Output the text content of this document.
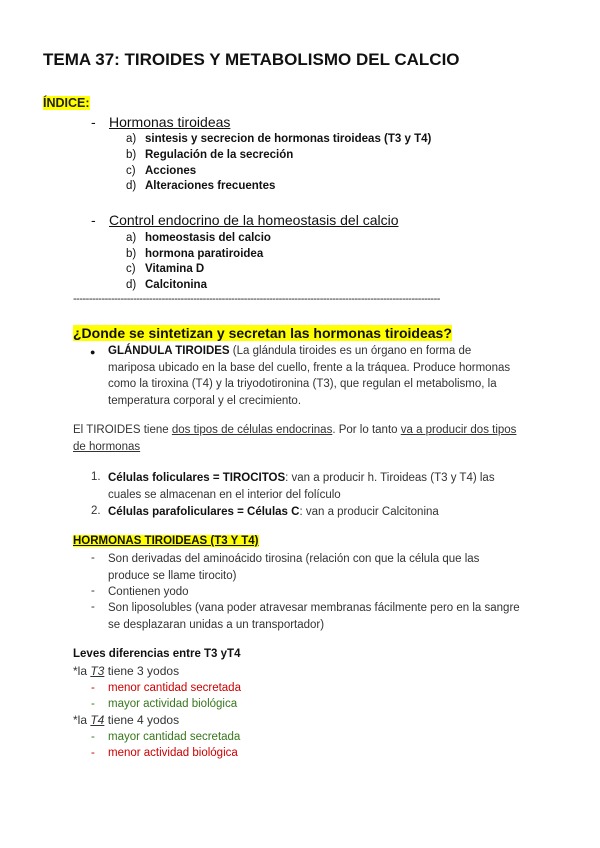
TEMA 37: TIROIDES Y METABOLISMO DEL CALCIO
ÍNDICE:
- Hormonas tiroideas
a) sintesis y secrecion de hormonas tiroideas (T3 y T4)
b) Regulación de la secreción
c) Acciones
d) Alteraciones frecuentes
- Control endocrino de la homeostasis del calcio
a) homeostasis del calcio
b) hormona paratiroidea
c) Vitamina D
d) Calcitonina
--------------------------------------------------------------------------------------------------------------------
¿Donde se sintetizan y secretan las hormonas tiroideas?
● GLÁNDULA TIROIDES (La glándula tiroides es un órgano en forma de mariposa ubicado en la base del cuello, frente a la tráquea. Produce hormonas como la tiroxina (T4) y la triyodotironina (T3), que regulan el metabolismo, la temperatura corporal y el crecimiento.
El TIROIDES tiene dos tipos de células endocrinas. Por lo tanto va a producir dos tipos de hormonas
1. Células foliculares = TIROCITOS: van a producir h. Tiroideas (T3 y T4) las cuales se almacenan en el interior del folículo
2. Células parafoliculares = Células C: van a producir Calcitonina
HORMONAS TIROIDEAS (T3 Y T4)
- Son derivadas del aminoácido tirosina (relación con que la célula que las produce se llame tirocito)
- Contienen yodo
- Son liposolubles (vana poder atravesar membranas fácilmente pero en la sangre se desplazaran unidas a un transportador)
Leves diferencias entre T3 yT4
*la T3 tiene 3 yodos
- menor cantidad secretada
- mayor actividad biológica
*la T4 tiene 4 yodos
- mayor cantidad secretada
- menor actividad biológica
